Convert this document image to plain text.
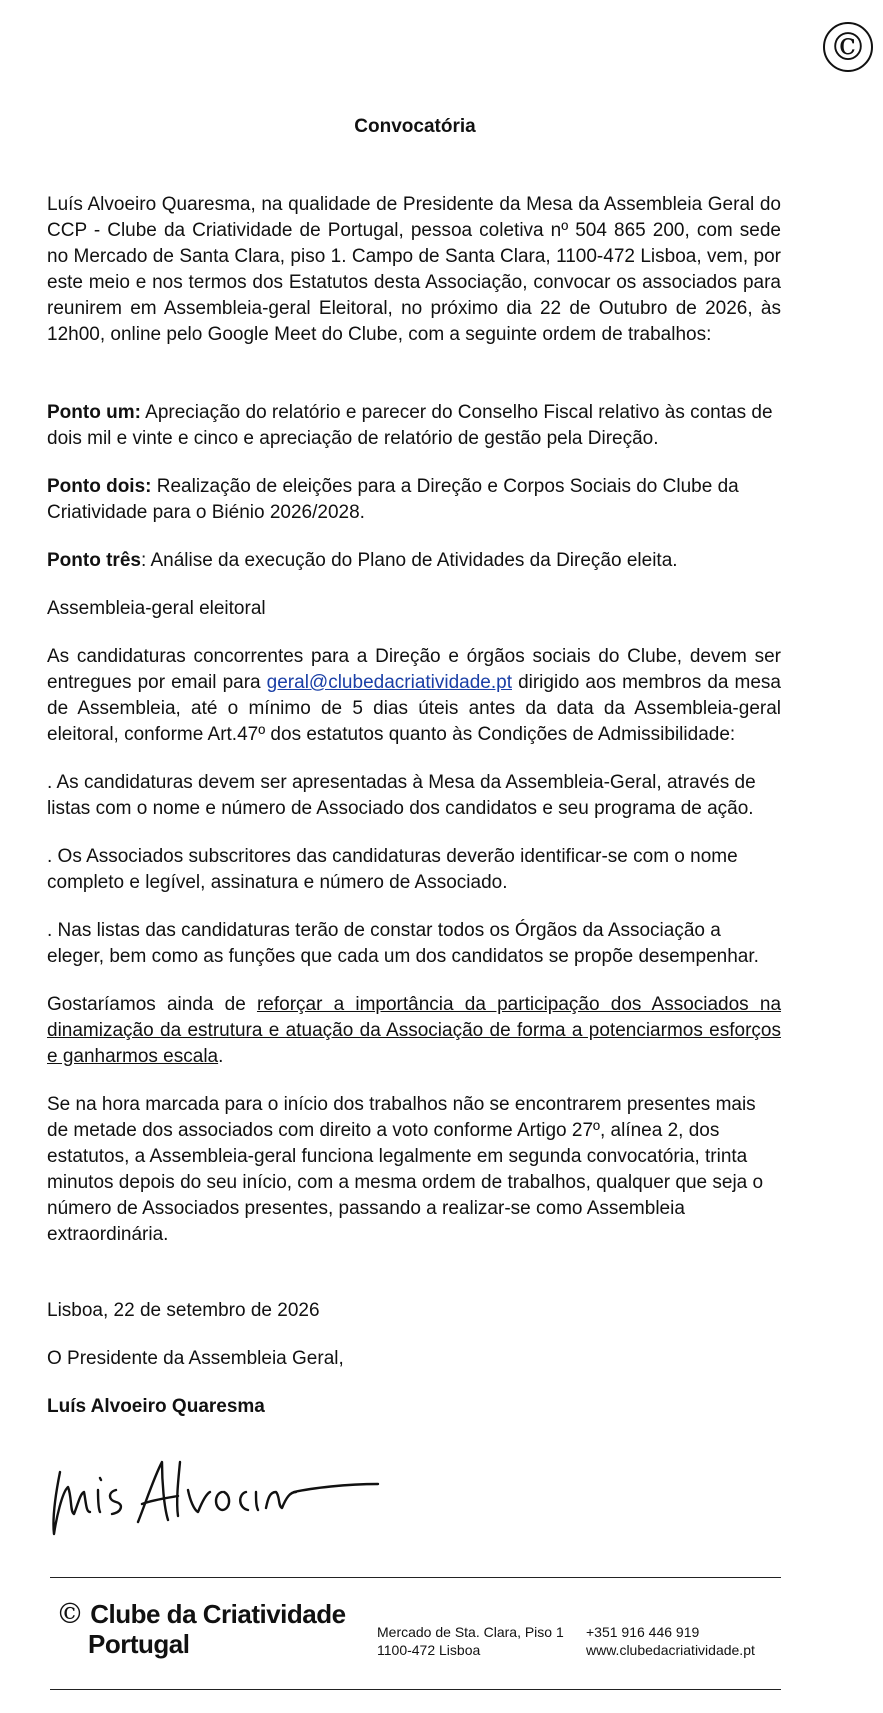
©
Convocatória

Luís Alvoeiro Quaresma, na qualidade de Presidente da Mesa da Assembleia Geral do CCP - Clube da Criatividade de Portugal, pessoa coletiva nº 504 865 200, com sede no Mercado de Santa Clara, piso 1. Campo de Santa Clara, 1100-472 Lisboa, vem, por este meio e nos termos dos Estatutos desta Associação, convocar os associados para reunirem em Assembleia-geral Eleitoral, no próximo dia 22 de Outubro de 2026, às 12h00, online pelo Google Meet do Clube, com a seguinte ordem de trabalhos:

Ponto um: Apreciação do relatório e parecer do Conselho Fiscal relativo às contas de dois mil e vinte e cinco e apreciação de relatório de gestão pela Direção.

Ponto dois: Realização de eleições para a Direção e Corpos Sociais do Clube da Criatividade para o Biénio 2026/2028.

Ponto três: Análise da execução do Plano de Atividades da Direção eleita.

Assembleia-geral eleitoral

As candidaturas concorrentes para a Direção e órgãos sociais do Clube, devem ser entregues por email para geral@clubedacriatividade.pt dirigido aos membros da mesa de Assembleia, até o mínimo de 5 dias úteis antes da data da Assembleia-geral eleitoral, conforme Art.47º dos estatutos quanto às Condições de Admissibilidade:

. As candidaturas devem ser apresentadas à Mesa da Assembleia-Geral, através de listas com o nome e número de Associado dos candidatos e seu programa de ação.

. Os Associados subscritores das candidaturas deverão identificar-se com o nome completo e legível, assinatura e número de Associado.

. Nas listas das candidaturas terão de constar todos os Órgãos da Associação a eleger, bem como as funções que cada um dos candidatos se propõe desempenhar.

Gostaríamos ainda de reforçar a importância da participação dos Associados na dinamização da estrutura e atuação da Associação de forma a potenciarmos esforços e ganharmos escala.

Se na hora marcada para o início dos trabalhos não se encontrarem presentes mais de metade dos associados com direito a voto conforme Artigo 27º, alínea 2, dos estatutos, a Assembleia-geral funciona legalmente em segunda convocatória, trinta minutos depois do seu início, com a mesma ordem de trabalhos, qualquer que seja o número de Associados presentes, passando a realizar-se como Assembleia extraordinária.

Lisboa, 22 de setembro de 2026

O Presidente da Assembleia Geral,

Luís Alvoeiro Quaresma

© Clube da Criatividade
Portugal	Mercado de Sta. Clara, Piso 1
1100-472 Lisboa
+351 916 446 919
www.clubedacriatividade.pt
